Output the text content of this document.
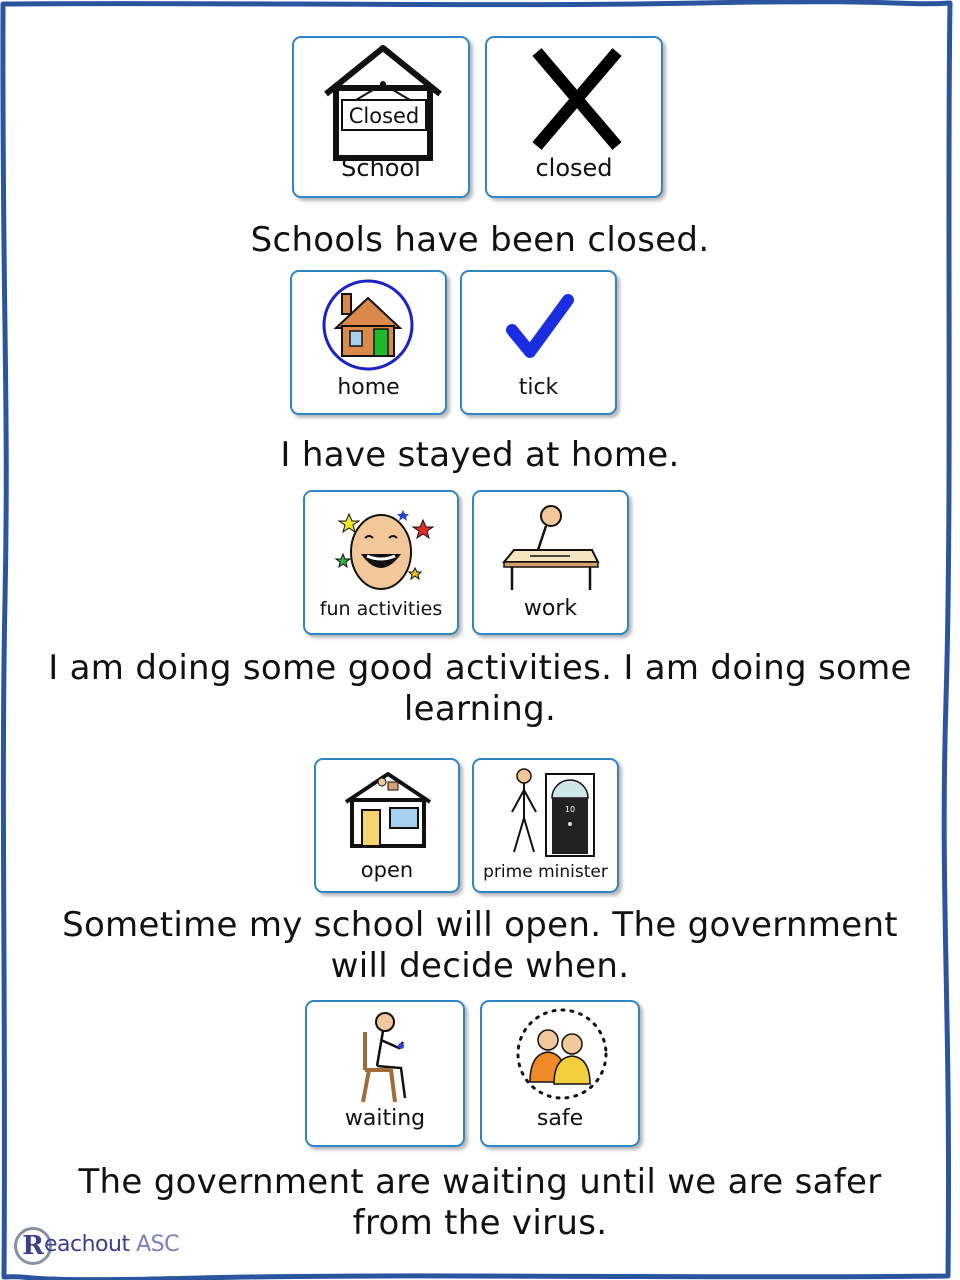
Closed
School	closed
Schools have been closed.
home	tick
I have stayed at home.
fun activities	work
I am doing some good activities. I am doing some learning.
open
10
prime minister
Sometime my school will open. The government will decide when.
waiting	safe
The government are waiting until we are safer from the virus.
R eachout ASC
